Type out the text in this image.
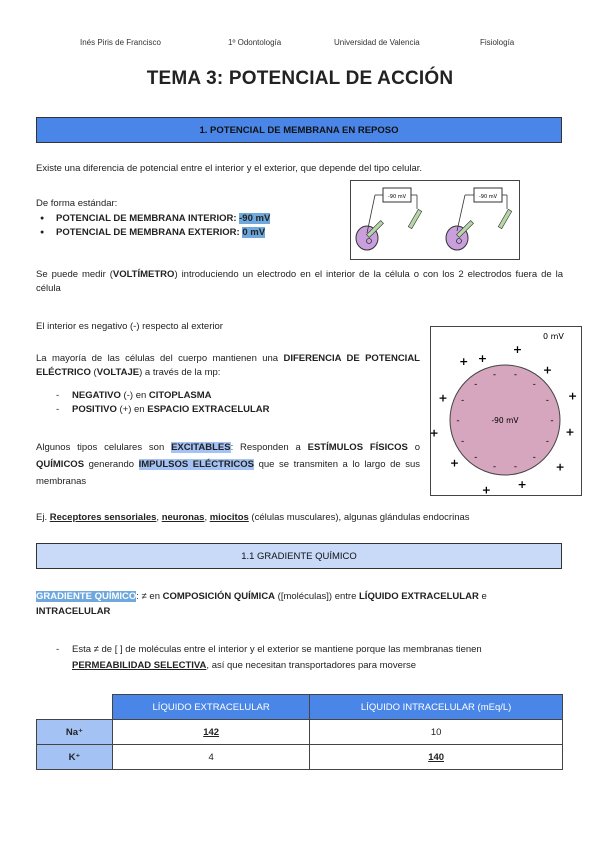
Inés Piris de Francisco	1º Odontología	Universidad de Valencia	Fisiología
TEMA 3: POTENCIAL DE ACCIÓN
1. POTENCIAL DE MEMBRANA EN REPOSO
Existe una diferencia de potencial entre el interior y el exterior, que depende del tipo celular.
De forma estándar:
● POTENCIAL DE MEMBRANA INTERIOR: -90 mV
● POTENCIAL DE MEMBRANA EXTERIOR: 0 mV
-90 mV	-90 mV
Se puede medir (VOLTÍMETRO) introduciendo un electrodo en el interior de la célula o con los 2 electrodos fuera de la célula
El interior es negativo (-) respecto al exterior
La mayoría de las células del cuerpo mantienen una DIFERENCIA DE POTENCIAL ELÉCTRICO (VOLTAJE) a través de la mp:
- NEGATIVO (-) en CITOPLASMA
- POSITIVO (+) en ESPACIO EXTRACELULAR
Algunos tipos celulares son EXCITABLES: Responden a ESTÍMULOS FÍSICOS o QUÍMICOS generando IMPULSOS ELÉCTRICOS que se transmiten a lo largo de sus membranas
0 mV
-90 mV
+
+
+
+
+
+
+
+
+
+
+
+
-
-
-
-
-
-
-
-
-
-
- -
-
-
Ej. Receptores sensoriales, neuronas, miocitos (células musculares), algunas glándulas endocrinas
1.1 GRADIENTE QUÍMICO
GRADIENTE QUÍMICO: ≠ en COMPOSICIÓN QUÍMICA ([moléculas]) entre LÍQUIDO EXTRACELULAR e INTRACELULAR
- Esta ≠ de [ ] de moléculas entre el interior y el exterior se mantiene porque las membranas tienen PERMEABILIDAD SELECTIVA, así que necesitan transportadores para moverse
	LÍQUIDO EXTRACELULAR	LÍQUIDO INTRACELULAR (mEq/L)
Na⁺	142	10
K⁺	4	140
